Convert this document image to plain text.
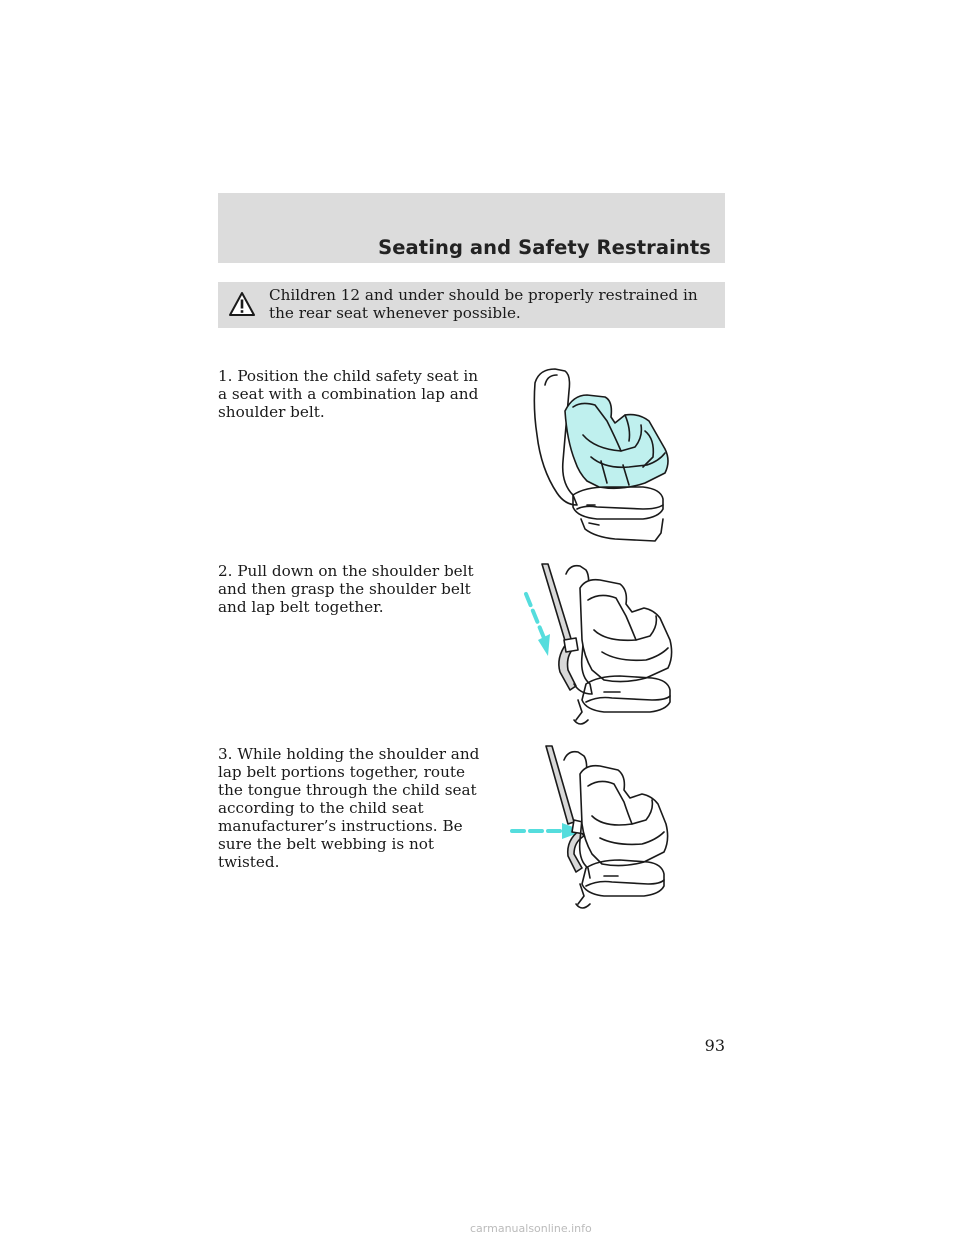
Seating and Safety Restraints
Children 12 and under should be properly restrained in the rear seat whenever possible.
1. Position the child safety seat in a seat with a combination lap and shoulder belt.
2. Pull down on the shoulder belt and then grasp the shoulder belt and lap belt together.
3. While holding the shoulder and lap belt portions together, route the tongue through the child seat according to the child seat manufacturer’s instructions. Be sure the belt webbing is not twisted.
93
carmanualsonline.info
